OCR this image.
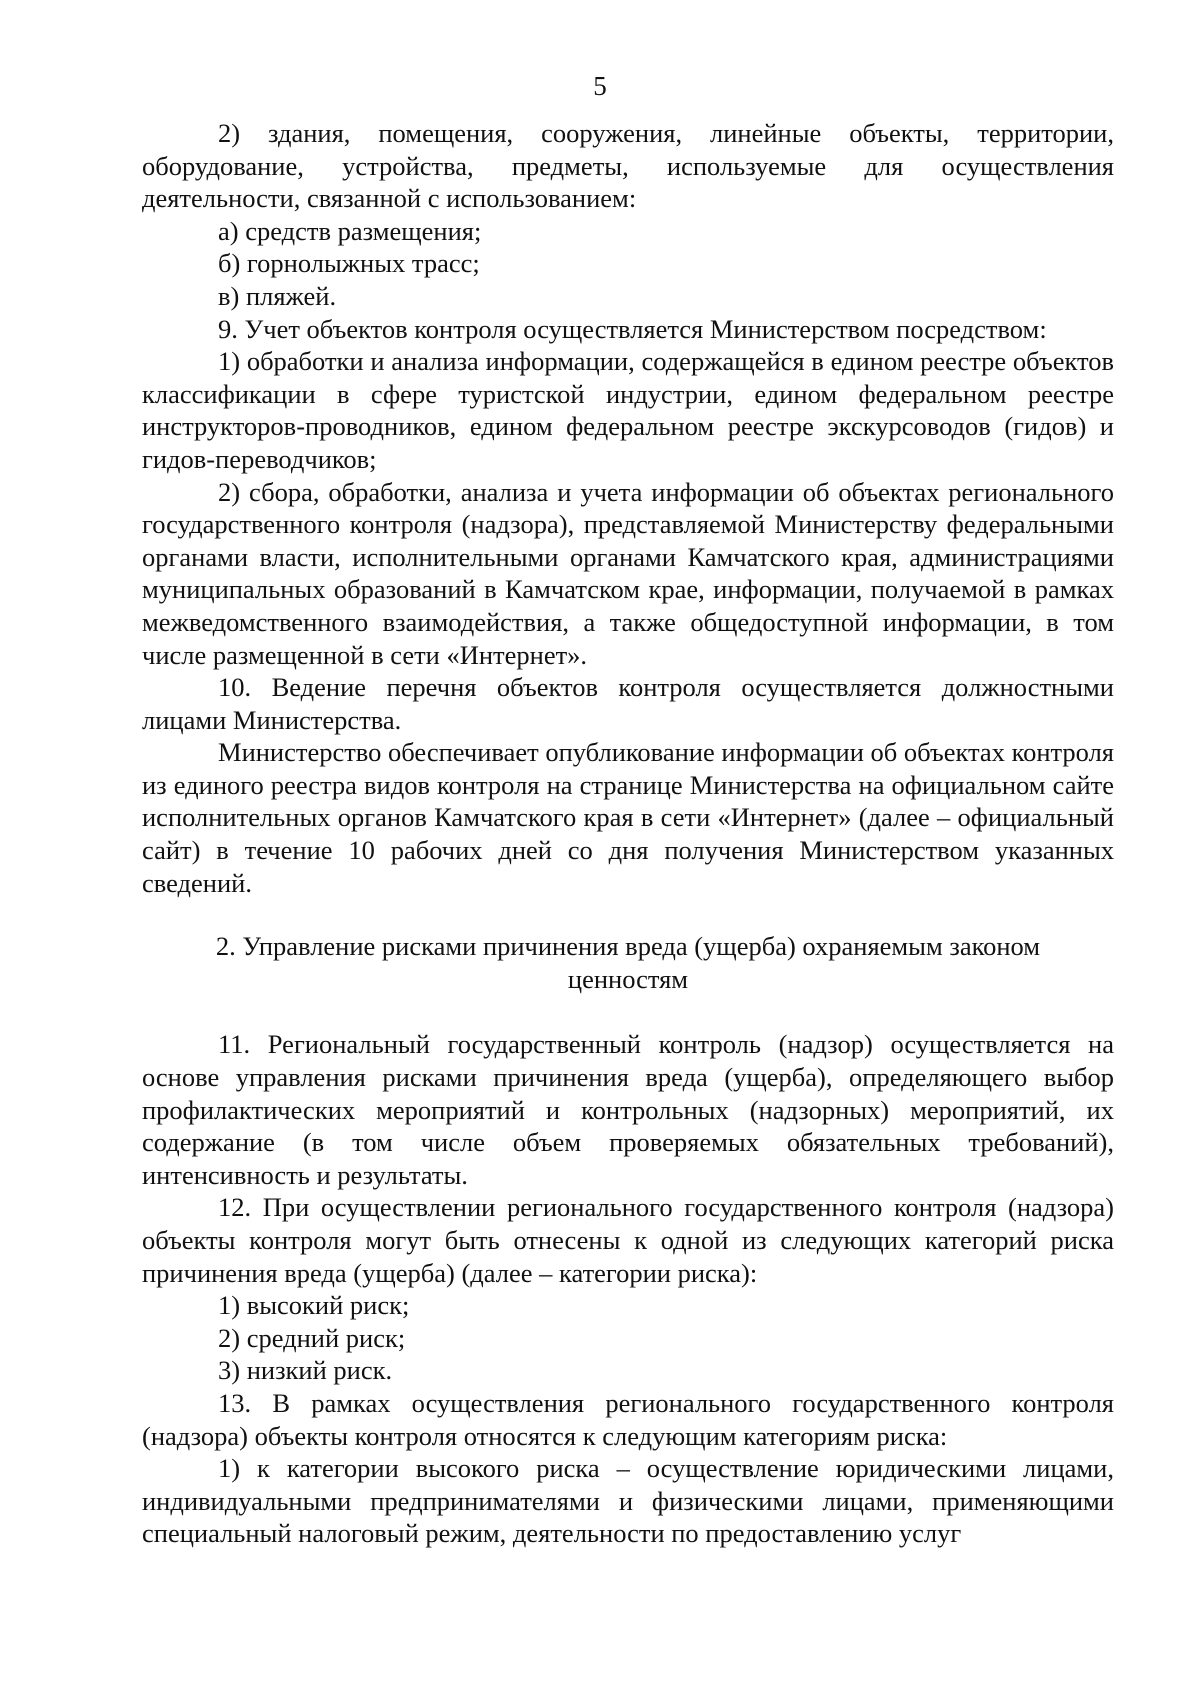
5

2) здания, помещения, сооружения, линейные объекты, территории, оборудование, устройства, предметы, используемые для осуществления деятельности, связанной с использованием:

а) средств размещения;

б) горнолыжных трасс;

в) пляжей.

9. Учет объектов контроля осуществляется Министерством посредством:

1) обработки и анализа информации, содержащейся в едином реестре объектов классификации в сфере туристской индустрии, едином федеральном реестре инструкторов-проводников, едином федеральном реестре экскурсоводов (гидов) и гидов-переводчиков;

2) сбора, обработки, анализа и учета информации об объектах регионального государственного контроля (надзора), представляемой Министерству федеральными органами власти, исполнительными органами Камчатского края, администрациями муниципальных образований в Камчатском крае, информации, получаемой в рамках межведомственного взаимодействия, а также общедоступной информации, в том числе размещенной в сети «Интернет».

10. Ведение перечня объектов контроля осуществляется должностными лицами Министерства.

Министерство обеспечивает опубликование информации об объектах контроля из единого реестра видов контроля на странице Министерства на официальном сайте исполнительных органов Камчатского края в сети «Интернет» (далее – официальный сайт) в течение 10 рабочих дней со дня получения Министерством указанных сведений.

2. Управление рисками причинения вреда (ущерба) охраняемым законом
ценностям

11. Региональный государственный контроль (надзор) осуществляется на основе управления рисками причинения вреда (ущерба), определяющего выбор профилактических мероприятий и контрольных (надзорных) мероприятий, их содержание (в том числе объем проверяемых обязательных требований), интенсивность и результаты.

12. При осуществлении регионального государственного контроля (надзора) объекты контроля могут быть отнесены к одной из следующих категорий риска причинения вреда (ущерба) (далее – категории риска):

1) высокий риск;

2) средний риск;

3) низкий риск.

13. В рамках осуществления регионального государственного контроля (надзора) объекты контроля относятся к следующим категориям риска:

1) к категории высокого риска – осуществление юридическими лицами, индивидуальными предпринимателями и физическими лицами, применяющими специальный налоговый режим, деятельности по предоставлению услуг
